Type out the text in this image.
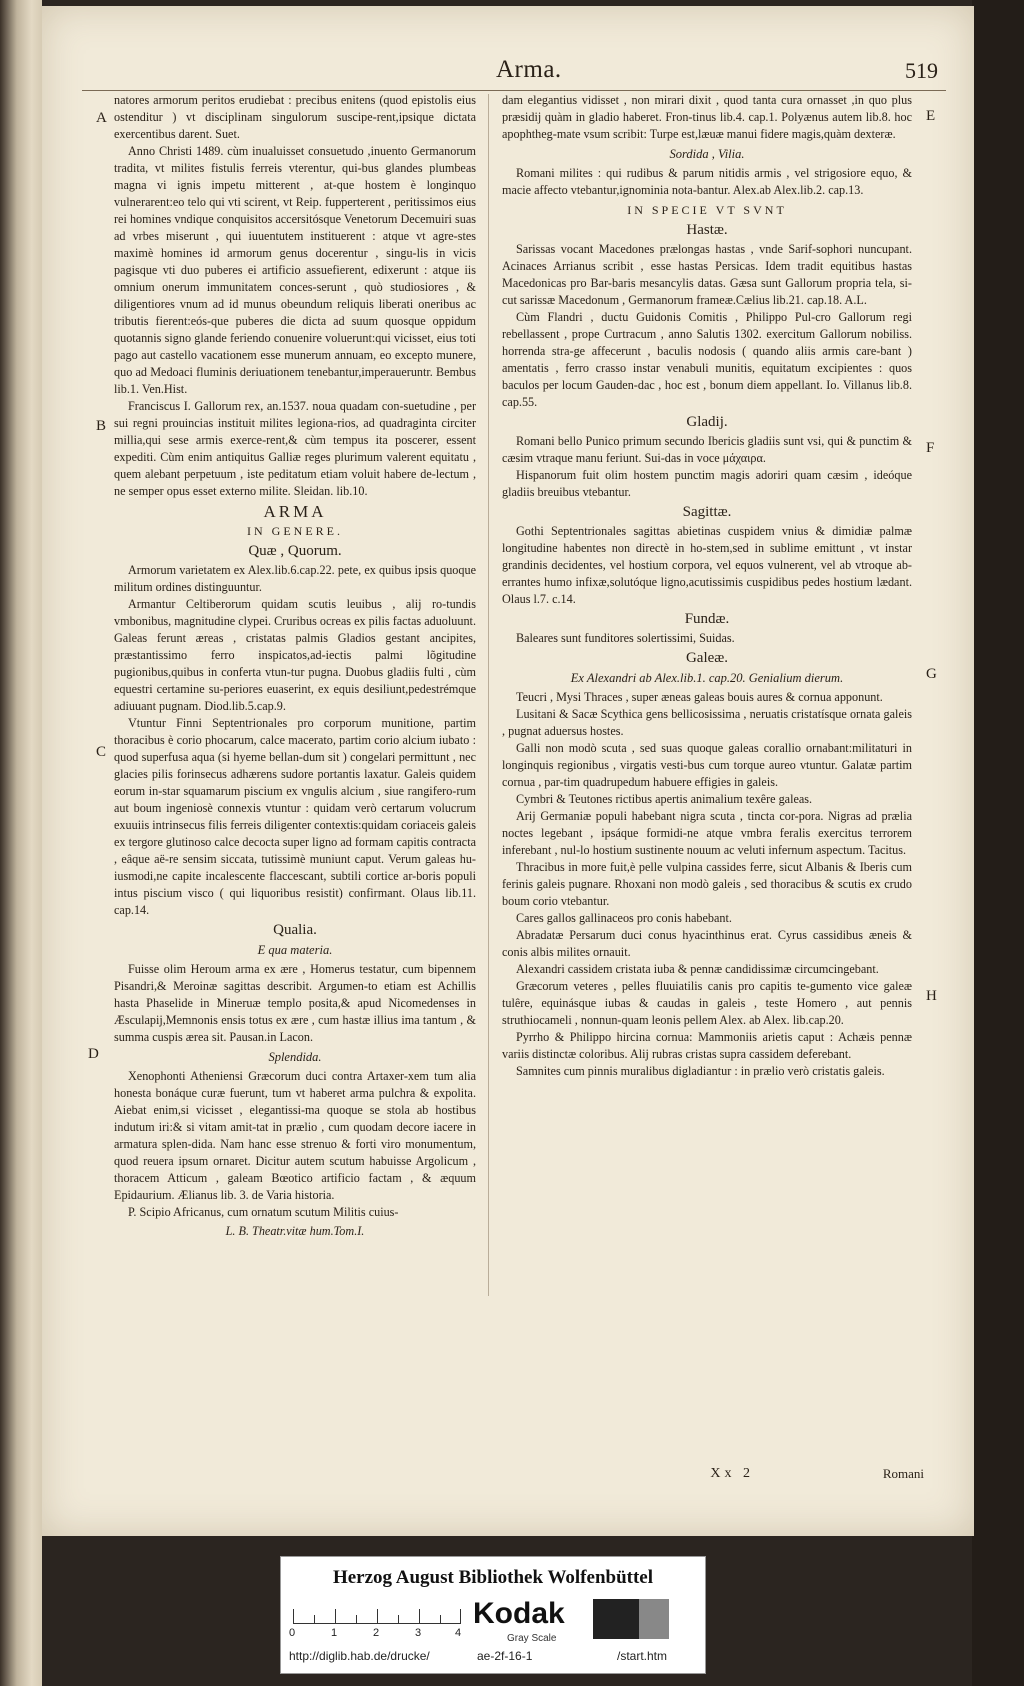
Arma.	519
A
B
C
D
E
F
G
H

natores armorum peritos erudiebat : precibus enitens (quod epistolis eius ostenditur ) vt disciplinam singulorum suscipe-rent,ipsique dictata exercentibus darent. Suet.

Anno Christi 1489. cùm inualuisset consuetudo ,inuento Germanorum tradita, vt milites fistulis ferreis vterentur, qui-bus glandes plumbeas magna vi ignis impetu mitterent , at-que hostem è longinquo vulnerarent:eo telo qui vti scirent, vt Reip. fupperterent , peritissimos eius rei homines vndique conquisitos accersitósque Venetorum Decemuiri suas ad vrbes miserunt , qui iuuentutem instituerent : atque vt agre-stes maximè homines id armorum genus docerentur , singu-lis in vicis pagisque vti duo puberes ei artificio assuefierent, edixerunt : atque iis omnium onerum immunitatem conces-serunt , quò studiosiores , & diligentiores vnum ad id munus obeundum reliquis liberati oneribus ac tributis fierent:eós-que puberes die dicta ad suum quosque oppidum quotannis signo glande feriendo conuenire voluerunt:qui vicisset, eius toti pago aut castello vacationem esse munerum annuam, eo excepto munere, quo ad Medoaci fluminis deriuationem tenebantur,imperaueruntr. Bembus lib.1. Ven.Hist.

Franciscus I. Gallorum rex, an.1537. noua quadam con-suetudine , per sui regni prouincias instituit milites legiona-rios, ad quadraginta circiter millia,qui sese armis exerce-rent,& cùm tempus ita poscerer, essent expediti. Cùm enim antiquitus Galliæ reges plurimum valerent equitatu , quem alebant perpetuum , iste peditatum etiam voluit habere de-lectum , ne semper opus esset externo milite. Sleidan. lib.10.

ARMA
IN GENERE.
Quæ , Quorum.

Armorum varietatem ex Alex.lib.6.cap.22. pete, ex quibus ipsis quoque militum ordines distinguuntur.

Armantur Celtiberorum quidam scutis leuibus , alij ro-tundis vmbonibus, magnitudine clypei. Cruribus ocreas ex pilis factas aduoluunt. Galeas ferunt æreas , cristatas palmis Gladios gestant ancipites, præstantissimo ferro inspicatos,ad-iectis palmi lõgitudine pugionibus,quibus in conferta vtun-tur pugna. Duobus gladiis fulti , cùm equestri certamine su-periores euaserint, ex equis desiliunt,pedestrémque adiuuant pugnam. Diod.lib.5.cap.9.

Vtuntur Finni Septentrionales pro corporum munitione, partim thoracibus è corio phocarum, calce macerato, partim corio alcium iubato : quod superfusa aqua (si hyeme bellan-dum sit ) congelari permittunt , nec glacies pilis forinsecus adhærens sudore portantis laxatur. Galeis quidem eorum in-star squamarum piscium ex vngulis alcium , siue rangifero-rum aut boum ingeniosè connexis vtuntur : quidam verò certarum volucrum exuuiis intrinsecus filis ferreis diligenter contextis:quidam coriaceis galeis ex tergore glutinoso calce decocta super ligno ad formam capitis contracta , eâque aë-re sensim siccata, tutissimè muniunt caput. Verum galeas hu-iusmodi,ne capite incalescente flaccescant, subtili cortice ar-boris populi intus piscium visco ( qui liquoribus resistit) confirmant. Olaus lib.11. cap.14.

Qualia.
E qua materia.

Fuisse olim Heroum arma ex ære , Homerus testatur, cum bipennem Pisandri,& Meroinæ sagittas describit. Argumen-to etiam est Achillis hasta Phaselide in Mineruæ templo posita,& apud Nicomedenses in Æsculapij,Memnonis ensis totus ex ære , cum hastæ illius ima tantum , & summa cuspis ærea sit. Pausan.in Lacon.

Splendida.

Xenophonti Atheniensi Græcorum duci contra Artaxer-xem tum alia honesta bonáque curæ fuerunt, tum vt haberet arma pulchra & expolita. Aiebat enim,si vicisset , elegantissi-ma quoque se stola ab hostibus indutum iri:& si vitam amit-tat in prælio , cum quodam decore iacere in armatura splen-dida. Nam hanc esse strenuo & forti viro monumentum, quod reuera ipsum ornaret. Dicitur autem scutum habuisse Argolicum , thoracem Atticum , galeam Bœotico artificio factam , & æquum Epidaurium. Ælianus lib. 3. de Varia historia.

P. Scipio Africanus, cum ornatum scutum Militis cuius-

L. B. Theatr.vitæ hum.Tom.I.

dam elegantius vidisset , non mirari dixit , quod tanta cura ornasset ,in quo plus præsidij quàm in gladio haberet. Fron-tinus lib.4. cap.1. Polyænus autem lib.8. hoc apophtheg-mate vsum scribit: Turpe est,læuæ manui fidere magis,quàm dexteræ.

Sordida , Vilia.

Romani milites : qui rudibus & parum nitidis armis , vel strigosiore equo, & macie affecto vtebantur,ignominia nota-bantur. Alex.ab Alex.lib.2. cap.13.

IN SPECIE VT SVNT
Hastæ.

Sarissas vocant Macedones prælongas hastas , vnde Sarif-sophori nuncupant. Acinaces Arrianus scribit , esse hastas Persicas. Idem tradit equitibus hastas Macedonicas pro Bar-baris mesancylis datas. Gæsa sunt Gallorum propria tela, si-cut sarissæ Macedonum , Germanorum frameæ.Cælius lib.21. cap.18. A.L.

Cùm Flandri , ductu Guidonis Comitis , Philippo Pul-cro Gallorum regi rebellassent , prope Curtracum , anno Salutis 1302. exercitum Gallorum nobiliss. horrenda stra-ge affecerunt , baculis nodosis ( quando aliis armis care-bant ) amentatis , ferro crasso instar venabuli munitis, equitatum excipientes : quos baculos per locum Gauden-dac , hoc est , bonum diem appellant. Io. Villanus lib.8. cap.55.

Gladij.

Romani bello Punico primum secundo Ibericis gladiis sunt vsi, qui & punctim & cæsim vtraque manu feriunt. Sui-das in voce μάχαιρα.

Hispanorum fuit olim hostem punctim magis adoriri quam cæsim , ideóque gladiis breuibus vtebantur.

Sagittæ.

Gothi Septentrionales sagittas abietinas cuspidem vnius & dimidiæ palmæ longitudine habentes non directè in ho-stem,sed in sublime emittunt , vt instar grandinis decidentes, vel hostium corpora, vel equos vulnerent, vel ab vtroque ab-errantes humo infixæ,solutóque ligno,acutissimis cuspidibus pedes hostium lædant. Olaus l.7. c.14.

Fundæ.

Baleares sunt funditores solertissimi, Suidas.

Galeæ.
Ex Alexandri ab Alex.lib.1. cap.20. Genialium dierum.

Teucri , Mysi Thraces , super æneas galeas bouis aures & cornua apponunt.

Lusitani & Sacæ Scythica gens bellicosissima , neruatis cristatísque ornata galeis , pugnat aduersus hostes.

Galli non modò scuta , sed suas quoque galeas corallio ornabant:militaturi in longinquis regionibus , virgatis vesti-bus cum torque aureo vtuntur. Galatæ partim cornua , par-tim quadrupedum habuere effigies in galeis.

Cymbri & Teutones rictibus apertis animalium texêre galeas.

Arij Germaniæ populi habebant nigra scuta , tincta cor-pora. Nigras ad prælia noctes legebant , ipsáque formidi-ne atque vmbra feralis exercitus terrorem inferebant , nul-lo hostium sustinente nouum ac veluti infernum aspectum. Tacitus.

Thracibus in more fuit,è pelle vulpina cassides ferre, sicut Albanis & Iberis cum ferinis galeis pugnare. Rhoxani non modò galeis , sed thoracibus & scutis ex crudo boum corio vtebantur.

Cares gallos gallinaceos pro conis habebant.

Abradatæ Persarum duci conus hyacinthinus erat. Cyrus cassidibus æneis & conis albis milites ornauit.

Alexandri cassidem cristata iuba & pennæ candidissimæ circumcingebant.

Græcorum veteres , pelles fluuiatilis canis pro capitis te-gumento vice galeæ tulêre, equinásque iubas & caudas in galeis , teste Homero , aut pennis struthiocameli , nonnun-quam leonis pellem Alex. ab Alex. lib.cap.20.

Pyrrho & Philippo hircina cornua: Mammoniis arietis caput : Achæis pennæ variis distinctæ coloribus. Alij rubras cristas supra cassidem deferebant.

Samnites cum pinnis muralibus digladiantur : in prælio verò cristatis galeis.

Xx 2	Romani
Herzog August Bibliothek Wolfenbüttel
0	1	2	3	4
Kodak
Gray Scale
http://diglib.hab.de/drucke/	ae-2f-16-1	/start.htm
